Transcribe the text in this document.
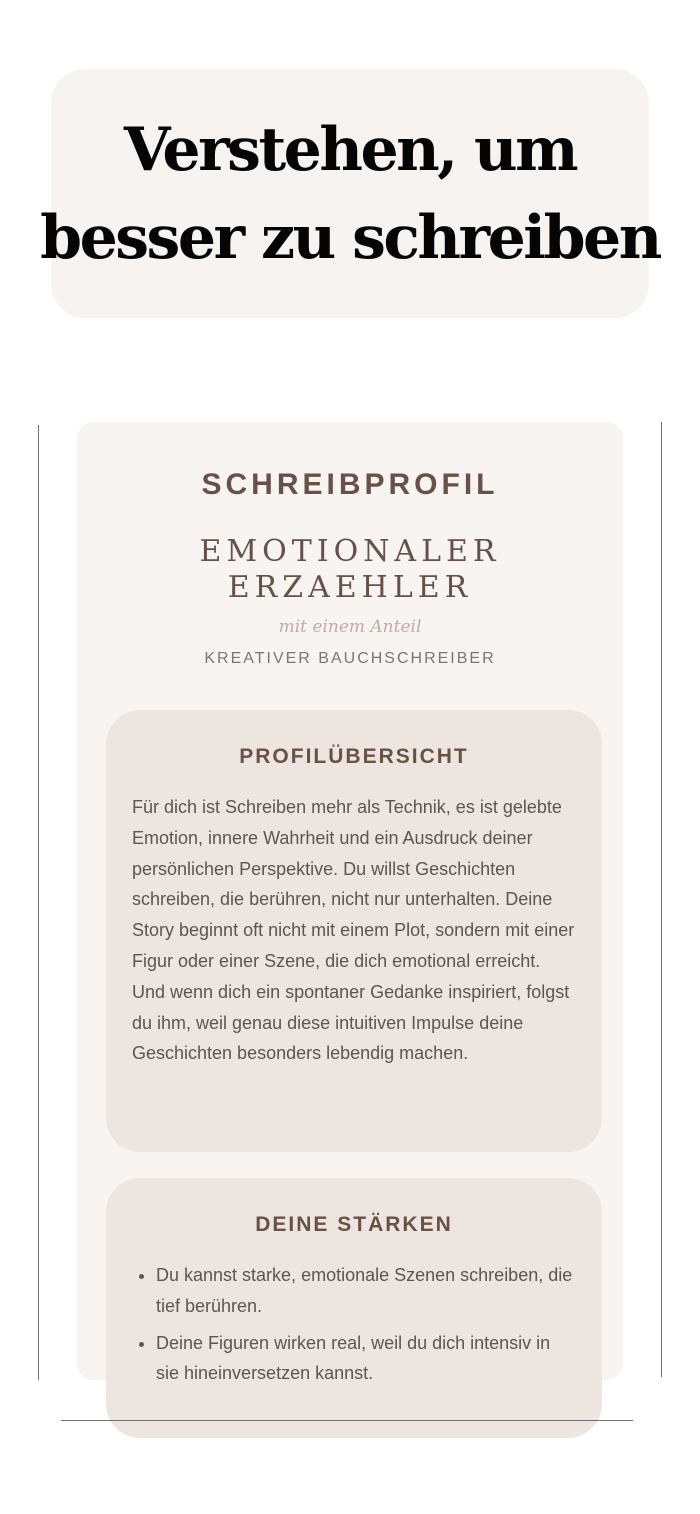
Verstehen, um
besser zu schreiben
SCHREIBPROFIL
EMOTIONALER
ERZAEHLER
mit einem Anteil
KREATIVER BAUCHSCHREIBER
PROFILÜBERSICHT

Für dich ist Schreiben mehr als Technik, es ist gelebte Emotion, innere Wahrheit und ein Ausdruck deiner persönlichen Perspektive. Du willst Geschichten schreiben, die berühren, nicht nur unterhalten. Deine Story beginnt oft nicht mit einem Plot, sondern mit einer Figur oder einer Szene, die dich emotional erreicht. Und wenn dich ein spontaner Gedanke inspiriert, folgst du ihm, weil genau diese intuitiven Impulse deine Geschichten besonders lebendig machen.

DEINE STÄRKEN
• Du kannst starke, emotionale Szenen schreiben, die tief berühren.
• Deine Figuren wirken real, weil du dich intensiv in sie hineinversetzen kannst.
